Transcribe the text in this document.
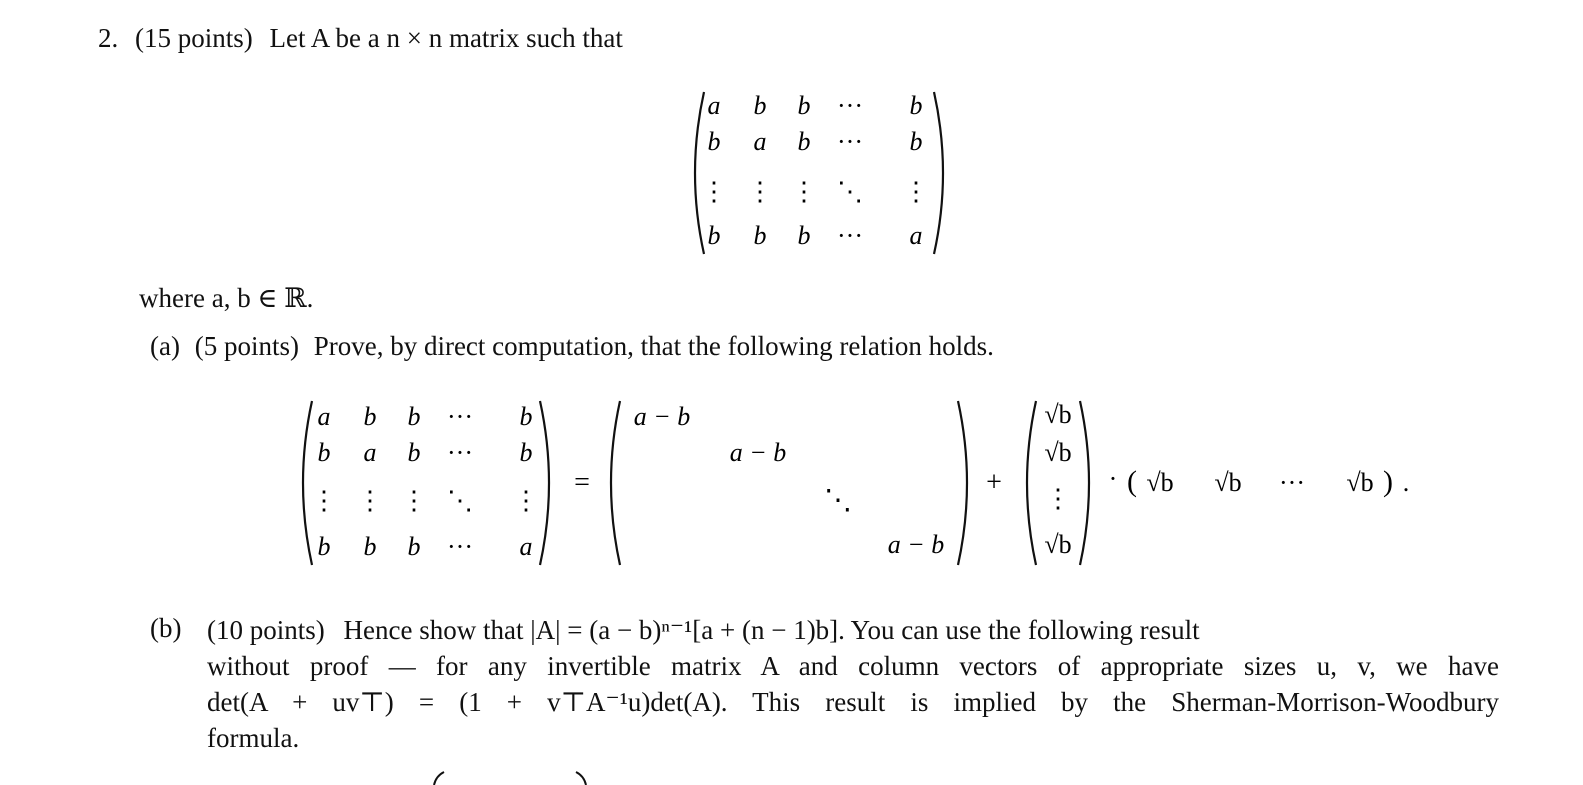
2. (15 points) Let A be a n × n matrix such that
a b b ··· b
b a b ··· b
⋮ ⋮ ⋮ ⋱ ⋮
b b b ··· a
where a, b ∈ ℝ.
(a) (5 points) Prove, by direct computation, that the following relation holds.
a b b ··· b
b a b ··· b
⋮ ⋮ ⋮ ⋱ ⋮
b b b ··· a
=
a − b
a − b
⋱
a − b
+
√b
√b
⋮
√b
· ( √b √b ··· √b ) .
(b) (10 points) Hence show that |A| = (a − b)ⁿ⁻¹[a + (n − 1)b]. You can use the following result
without proof — for any invertible matrix A and column vectors of appropriate sizes u, v, we have
det(A + uv⊤) = (1 + v⊤A⁻¹u)det(A). This result is implied by the Sherman-Morrison-Woodbury
formula.
